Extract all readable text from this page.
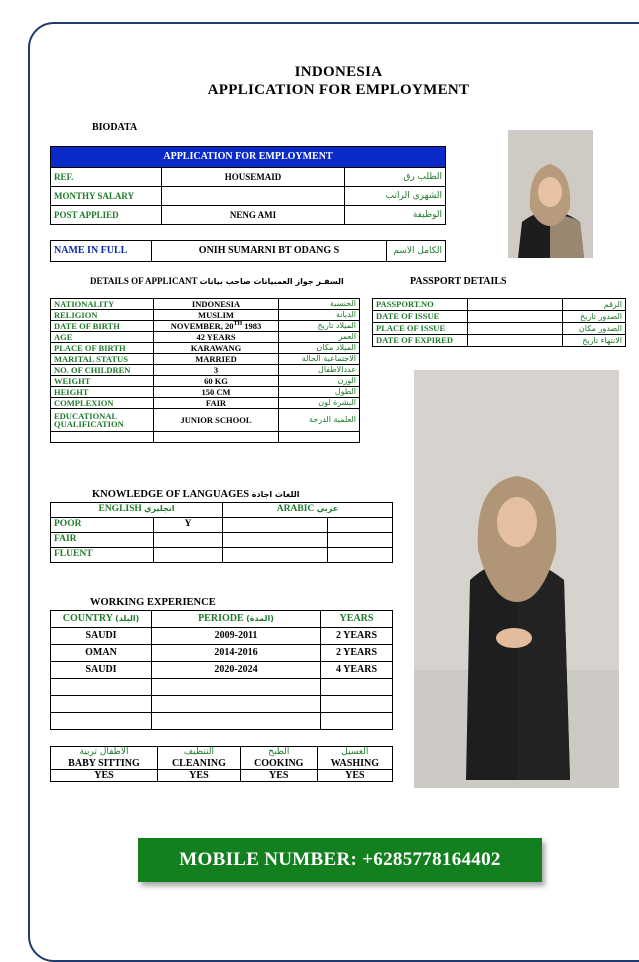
INDONESIA
APPLICATION FOR EMPLOYMENT
BIODATA
APPLICATION FOR EMPLOYMENT		
REF.	HOUSEMAID	الطلب رق
MONTHY SALARY		الشهري الراتب
POST APPLIED	NENG AMI	الوظيفة
NAME IN FULL	ONIH SUMARNI BT ODANG S	الكامل الاسم
DETAILS OF APPLICANT السفـر جواز العمبيانات صاحب بيانات	PASSPORT DETAILS
NATIONALITY	INDONESIA	الجنسية
RELIGION	MUSLIM	الديانة
DATE OF BIRTH	NOVEMBER, 20TH 1983	الميلاد تاريخ
AGE	42 YEARS	العمر
PLACE OF BIRTH	KARAWANG	الميلاد مكان
MARITAL STATUS	MARRIED	الاجتماعية الحالة
NO. OF CHILDREN	3	عددالاطفال
WEIGHT	60 KG	الوزن
HEIGHT	150 CM	الطول
COMPLEXION	FAIR	البشرة لون
EDUCATIONAL QUALIFICATION	JUNIOR SCHOOL	العلمية الدرجة

PASSPORT.NO		الرقم
DATE OF ISSUE		الصدور تاريخ
PLACE OF ISSUE		الصدور مكان
DATE OF EXPIRED		الانتهاء تاريخ
KNOWLEDGE OF LANGUAGES اللغات اجادة
ENGLISH انجليزي		ARABIC عربي	
POOR	Y		
FAIR			
FLUENT			
WORKING EXPERIENCE
COUNTRY (البلد)	PERIODE (المدة)	YEARS
SAUDI	2009-2011	2 YEARS
OMAN	2014-2016	2 YEARS
SAUDI	2020-2024	4 YEARS

الاطفال تربية	التنظيف	الطبخ	الغسيل
BABY SITTING	CLEANING	COOKING	WASHING
YES	YES	YES	YES
MOBILE NUMBER: +6285778164402
